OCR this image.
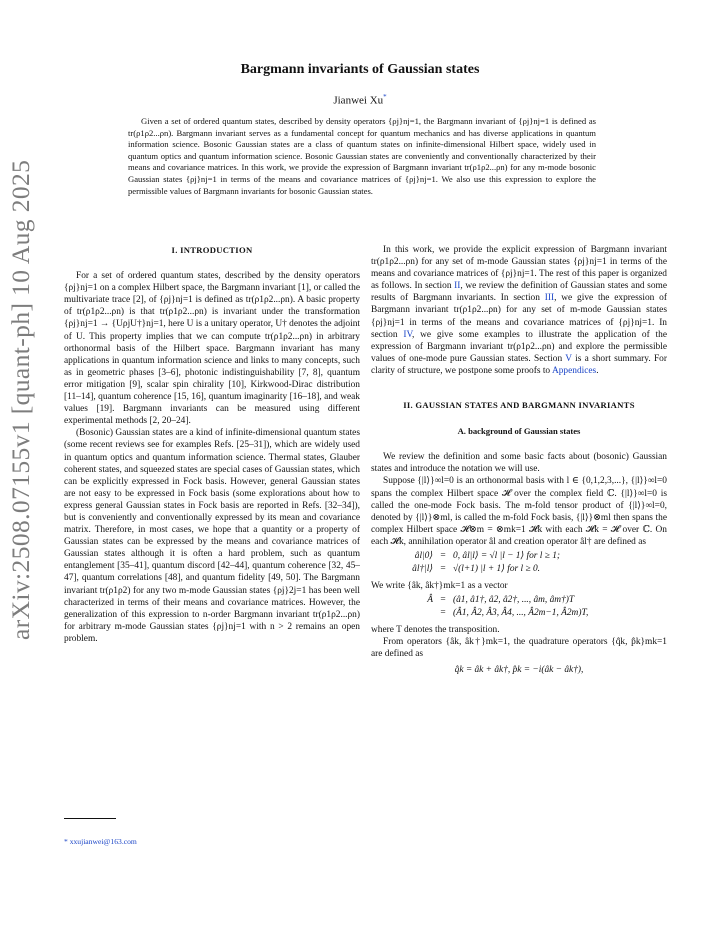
arXiv:2508.07155v1 [quant-ph] 10 Aug 2025
Bargmann invariants of Gaussian states
Jianwei Xu*

Given a set of ordered quantum states, described by density operators {ρj}nj=1, the Bargmann invariant of {ρj}nj=1 is defined as tr(ρ1ρ2...ρn). Bargmann invariant serves as a fundamental concept for quantum mechanics and has diverse applications in quantum information science. Bosonic Gaussian states are a class of quantum states on infinite-dimensional Hilbert space, widely used in quantum optics and quantum information science. Bosonic Gaussian states are conveniently and conventionally characterized by their means and covariance matrices. In this work, we provide the expression of Bargmann invariant tr(ρ1ρ2...ρn) for any m-mode bosonic Gaussian states {ρj}nj=1 in terms of the means and covariance matrices of {ρj}nj=1. We also use this expression to explore the permissible values of Bargmann invariants for bosonic Gaussian states.

I. INTRODUCTION

For a set of ordered quantum states, described by the density operators {ρj}nj=1 on a complex Hilbert space, the Bargmann invariant [1], or called the multivariate trace [2], of {ρj}nj=1 is defined as tr(ρ1ρ2...ρn). A basic property of tr(ρ1ρ2...ρn) is that tr(ρ1ρ2...ρn) is invariant under the transformation {ρj}nj=1 → {UρjU†}nj=1, here U is a unitary operator, U† denotes the adjoint of U. This property implies that we can compute tr(ρ1ρ2...ρn) in arbitrary orthonormal basis of the Hilbert space. Bargmann invariant has many applications in quantum information science and links to many concepts, such as in geometric phases [3–6], photonic indistinguishability [7, 8], quantum error mitigation [9], scalar spin chirality [10], Kirkwood-Dirac distribution [11–14], quantum coherence [15, 16], quantum imaginarity [16–18], and weak values [19]. Bargmann invariants can be measured using different experimental methods [2, 20–24].

(Bosonic) Gaussian states are a kind of infinite-dimensional quantum states (some recent reviews see for examples Refs. [25–31]), which are widely used in quantum optics and quantum information science. Thermal states, Glauber coherent states, and squeezed states are special cases of Gaussian states, which can be explicitly expressed in Fock basis. However, general Gaussian states are not easy to be expressed in Fock basis (some explorations about how to express general Gaussian states in Fock basis are reported in Refs. [32–34]), but is conveniently and conventionally expressed by its mean and covariance matrix. Therefore, in most cases, we hope that a quantity or a property of Gaussian states can be expressed by the means and covariance matrices of Gaussian states although it is often a hard problem, such as quantum entanglement [35–41], quantum discord [42–44], quantum coherence [32, 45–47], quantum correlations [48], and quantum fidelity [49, 50]. The Bargmann invariant tr(ρ1ρ2) for any two m-mode Gaussian states {ρj}2j=1 has been well characterized in terms of their means and covariance matrices. However, the generalization of this expression to n-order Bargmann invariant tr(ρ1ρ2...ρn) for arbitrary m-mode Gaussian states {ρj}nj=1 with n > 2 remains an open problem.

In this work, we provide the explicit expression of Bargmann invariant tr(ρ1ρ2...ρn) for any set of m-mode Gaussian states {ρj}nj=1 in terms of the means and covariance matrices of {ρj}nj=1. The rest of this paper is organized as follows. In section II, we review the definition of Gaussian states and some results of Bargmann invariants. In section III, we give the expression of Bargmann invariant tr(ρ1ρ2...ρn) for any set of m-mode Gaussian states {ρj}nj=1 in terms of the means and covariance matrices of {ρj}nj=1. In section IV, we give some examples to illustrate the application of the expression of Bargmann invariant tr(ρ1ρ2...ρn) and explore the permissible values of one-mode pure Gaussian states. Section V is a short summary. For clarity of structure, we postpone some proofs to Appendices.

II. GAUSSIAN STATES AND BARGMANN INVARIANTS
A. background of Gaussian states

We review the definition and some basic facts about (bosonic) Gaussian states and introduce the notation we will use.

Suppose {|l⟩}∞l=0 is an orthonormal basis with l ∈ {0,1,2,3,...}, {|l⟩}∞l=0 spans the complex Hilbert space 𝓗 over the complex field ℂ. {|l⟩}∞l=0 is called the one-mode Fock basis. The m-fold tensor product of {|l⟩}∞l=0, denoted by {|l⟩}⊗ml, is called the m-fold Fock basis, {|l⟩}⊗ml then spans the complex Hilbert space 𝓗⊗m = ⊗mk=1 𝓗k with each 𝓗k = 𝓗 over ℂ. On each 𝓗k, annihilation operator âl and creation operator âl† are defined as

âl|0⟩ = 0, âl|l⟩ = √l |l − 1⟩ for l ≥ 1;
âl†|l⟩ = √(l+1) |l + 1⟩ for l ≥ 0.

We write {âk, âk†}mk=1 as a vector

Â = (â1, â1†, â2, â2†, ..., âm, âm†)T
= (Â1, Â2, Â3, Â4, ..., Â2m−1, Â2m)T,

where T denotes the transposition.

From operators {âk, âk†}mk=1, the quadrature operators {q̂k, p̂k}mk=1 are defined as

q̂k = âk + âk†, p̂k = −i(âk − âk†),
* xxujianwei@163.com
